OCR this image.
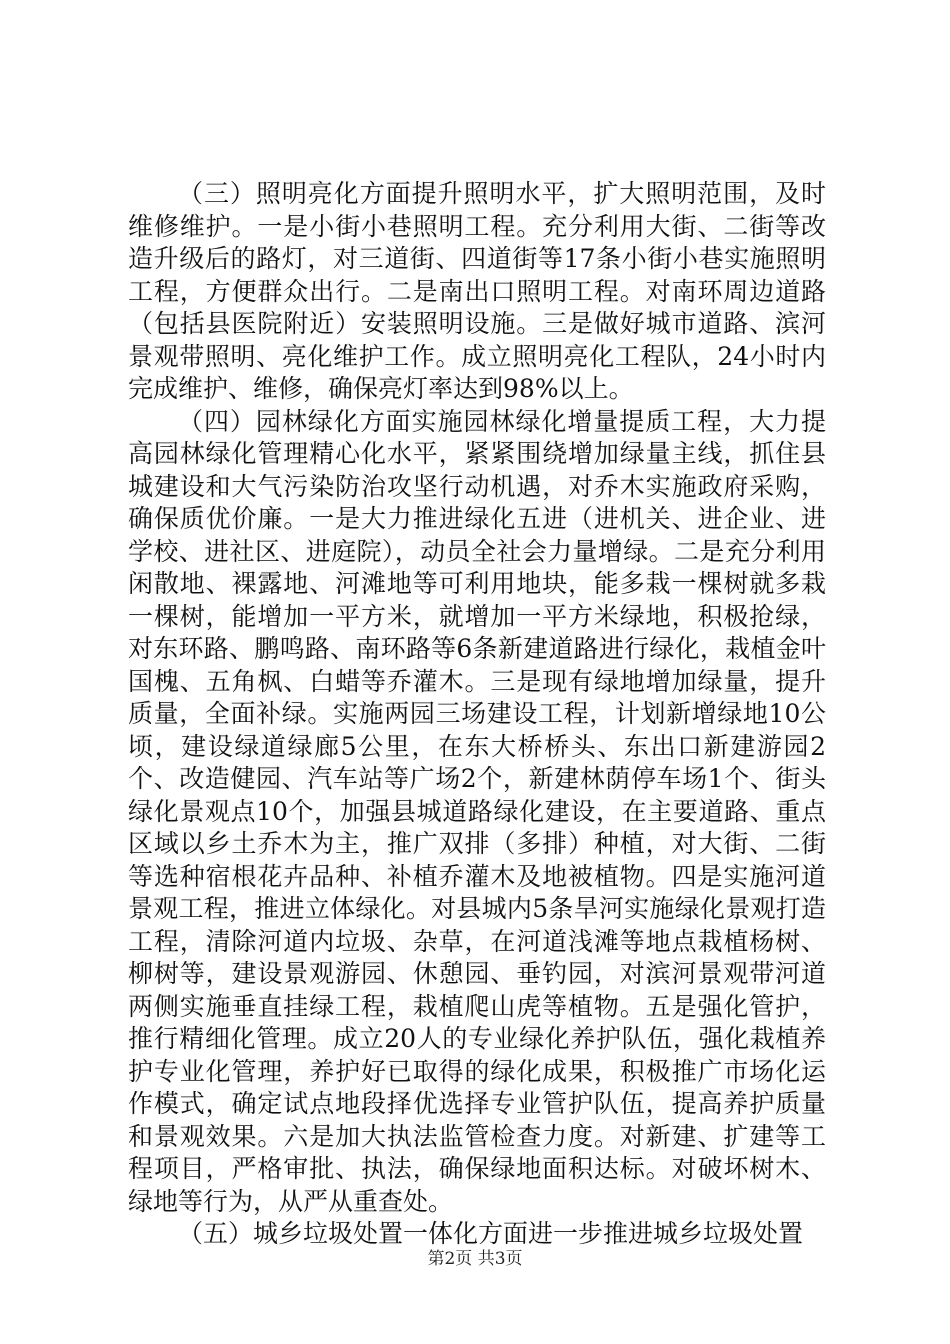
（三）照明亮化方面提升照明水平，扩大照明范围，及时维修维护。一是小街小巷照明工程。充分利用大街、二街等改造升级后的路灯，对三道街、四道街等17条小街小巷实施照明工程，方便群众出行。二是南出口照明工程。对南环周边道路（包括县医院附近）安装照明设施。三是做好城市道路、滨河景观带照明、亮化维护工作。成立照明亮化工程队，24小时内完成维护、维修，确保亮灯率达到98%以上。

（四）园林绿化方面实施园林绿化增量提质工程，大力提高园林绿化管理精心化水平，紧紧围绕增加绿量主线，抓住县城建设和大气污染防治攻坚行动机遇，对乔木实施政府采购，确保质优价廉。一是大力推进绿化五进（进机关、进企业、进学校、进社区、进庭院），动员全社会力量增绿。二是充分利用闲散地、裸露地、河滩地等可利用地块，能多栽一棵树就多栽一棵树，能增加一平方米，就增加一平方米绿地，积极抢绿，对东环路、鹏鸣路、南环路等6条新建道路进行绿化，栽植金叶国槐、五角枫、白蜡等乔灌木。三是现有绿地增加绿量，提升质量，全面补绿。实施两园三场建设工程，计划新增绿地10公顷，建设绿道绿廊5公里，在东大桥桥头、东出口新建游园2个、改造健园、汽车站等广场2个，新建林荫停车场1个、街头绿化景观点10个，加强县城道路绿化建设，在主要道路、重点区域以乡土乔木为主，推广双排（多排）种植，对大街、二街等选种宿根花卉品种、补植乔灌木及地被植物。四是实施河道景观工程，推进立体绿化。对县城内5条旱河实施绿化景观打造工程，清除河道内垃圾、杂草，在河道浅滩等地点栽植杨树、柳树等，建设景观游园、休憩园、垂钓园，对滨河景观带河道两侧实施垂直挂绿工程，栽植爬山虎等植物。五是强化管护，推行精细化管理。成立20人的专业绿化养护队伍，强化栽植养护专业化管理，养护好已取得的绿化成果，积极推广市场化运作模式，确定试点地段择优选择专业管护队伍，提高养护质量和景观效果。六是加大执法监管检查力度。对新建、扩建等工程项目，严格审批、执法，确保绿地面积达标。对破坏树木、绿地等行为，从严从重查处。

（五）城乡垃圾处置一体化方面进一步推进城乡垃圾处置

第2页 共3页
